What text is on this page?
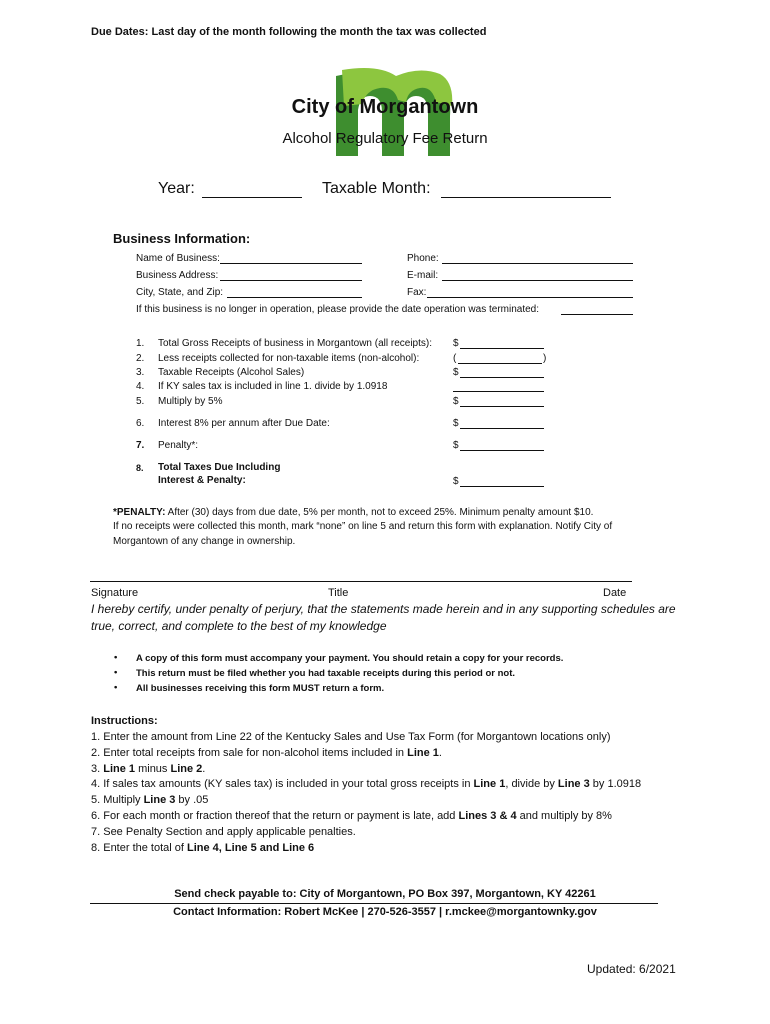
Due Dates: Last day of the month following the month the tax was collected
City of Morgantown
Alcohol Regulatory Fee Return
Year:	Taxable Month:
Business Information:
Name of Business:	Phone:
Business Address:	E-mail:
City, State, and Zip:	Fax:
If this business is no longer in operation, please provide the date operation was terminated:
1. Total Gross Receipts of business in Morgantown (all receipts): $
2. Less receipts collected for non-taxable items (non-alcohol):	(	)
3. Taxable Receipts (Alcohol Sales)	$
4. If KY sales tax is included in line 1. divide by 1.0918
5. Multiply by 5%	$
6. Interest 8% per annum after Due Date:	$
7. Penalty*:	$
8. Total Taxes Due Including
Interest & Penalty:	$
*PENALTY: After (30) days from due date, 5% per month, not to exceed 25%. Minimum penalty amount $10.
If no receipts were collected this month, mark “none” on line 5 and return this form with explanation. Notify City of
Morgantown of any change in ownership.
Signature	Title	Date
I hereby certify, under penalty of perjury, that the statements made herein and in any supporting schedules are
true, correct, and complete to the best of my knowledge
• A copy of this form must accompany your payment. You should retain a copy for your records.
• This return must be filed whether you had taxable receipts during this period or not.
• All businesses receiving this form MUST return a form.
Instructions:
1. Enter the amount from Line 22 of the Kentucky Sales and Use Tax Form (for Morgantown locations only)
2. Enter total receipts from sale for non-alcohol items included in Line 1.
3. Line 1 minus Line 2.
4. If sales tax amounts (KY sales tax) is included in your total gross receipts in Line 1, divide by Line 3 by 1.0918
5. Multiply Line 3 by .05
6. For each month or fraction thereof that the return or payment is late, add Lines 3 & 4 and multiply by 8%
7. See Penalty Section and apply applicable penalties.
8. Enter the total of Line 4, Line 5 and Line 6
Send check payable to: City of Morgantown, PO Box 397, Morgantown, KY 42261
Contact Information: Robert McKee | 270-526-3557 | r.mckee@morgantownky.gov
Updated: 6/2021
